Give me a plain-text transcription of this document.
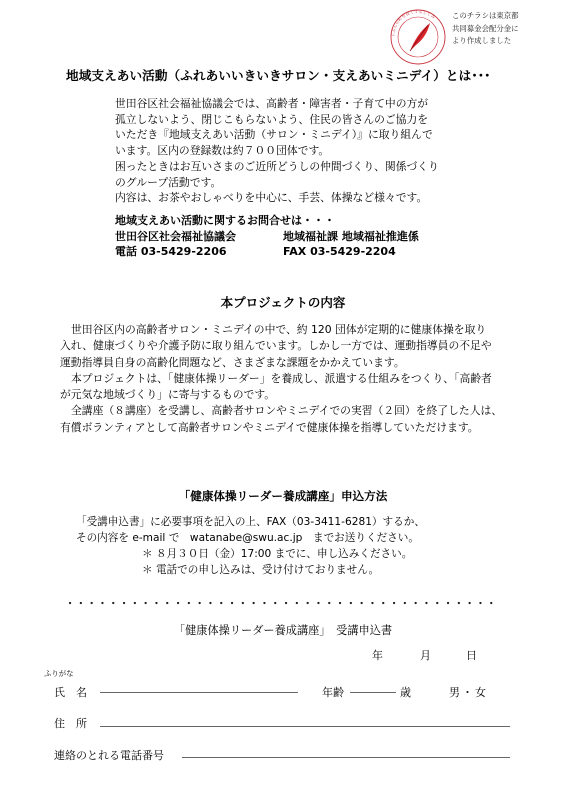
じぶんの町を良くするしくみ このチラシは東京都
共同募金会配分金に
より作成しました
地域支えあい活動（ふれあいいきいきサロン・支えあいミニデイ）とは･･･
世田谷区社会福祉協議会では、高齢者・障害者・子育て中の方が
孤立しないよう、閉じこもらないよう、住民の皆さんのご協力を
いただき『地域支えあい活動（サロン・ミニデイ）』に取り組んで
います。区内の登録数は約７００団体です。
困ったときはお互いさまのご近所どうしの仲間づくり、関係づくり
のグループ活動です。
内容は、お茶やおしゃべりを中心に、手芸、体操など様々です。
地域支えあい活動に関するお問合せは・・・
世田谷区社会福祉協議会	地域福祉課 地域福祉推進係
電話 03-5429-2206	FAX 03-5429-2204
本プロジェクトの内容
世田谷区内の高齢者サロン・ミニデイの中で、約 120 団体が定期的に健康体操を取り
入れ、健康づくりや介護予防に取り組んでいます。しかし一方では、運動指導員の不足や
運動指導員自身の高齢化問題など、さまざまな課題をかかえています。
本プロジェクトは、「健康体操リーダー」を養成し、派遣する仕組みをつくり、「高齢者
が元気な地域づくり」に寄与するものです。
全講座（８講座）を受講し、高齢者サロンやミニデイでの実習（２回）を終了した人は、
有償ボランティアとして高齢者サロンやミニデイで健康体操を指導していただけます。
「健康体操リーダー養成講座」申込方法
「受講申込書」に必要事項を記入の上、FAX（03-3411-6281）するか、
その内容を e-mail で　watanabe@swu.ac.jp　までお送りください。
＊ ８月３０日（金）17:00 までに、申し込みください。
＊ 電話での申し込みは、受け付けておりません。
「健康体操リーダー養成講座」　受講申込書
年	月	日
ふりがな
氏　名	年齢	歳	男・女
住　所
連絡のとれる電話番号
